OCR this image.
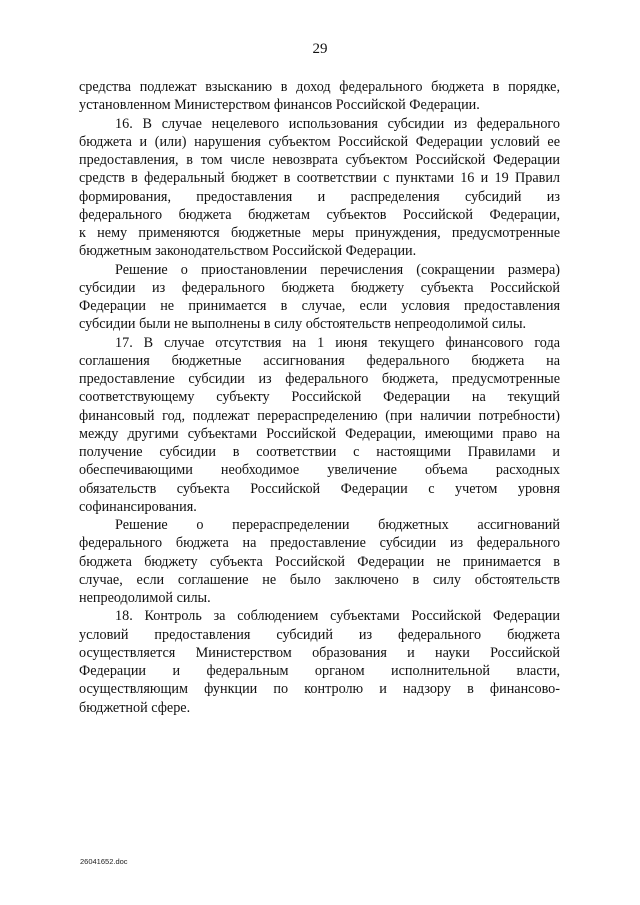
29
средства подлежат взысканию в доход федерального бюджета в порядке,
установленном Министерством финансов Российской Федерации.
16. В случае нецелевого использования субсидии из федерального
бюджета и (или) нарушения субъектом Российской Федерации условий ее
предоставления, в том числе невозврата субъектом Российской Федерации
средств в федеральный бюджет в соответствии с пунктами 16 и 19 Правил
формирования, предоставления и распределения субсидий из
федерального бюджета бюджетам субъектов Российской Федерации,
к нему применяются бюджетные меры принуждения, предусмотренные
бюджетным законодательством Российской Федерации.
Решение о приостановлении перечисления (сокращении размера)
субсидии из федерального бюджета бюджету субъекта Российской
Федерации не принимается в случае, если условия предоставления
субсидии были не выполнены в силу обстоятельств непреодолимой силы.
17. В случае отсутствия на 1 июня текущего финансового года
соглашения бюджетные ассигнования федерального бюджета на
предоставление субсидии из федерального бюджета, предусмотренные
соответствующему субъекту Российской Федерации на текущий
финансовый год, подлежат перераспределению (при наличии потребности)
между другими субъектами Российской Федерации, имеющими право на
получение субсидии в соответствии с настоящими Правилами и
обеспечивающими необходимое увеличение объема расходных
обязательств субъекта Российской Федерации с учетом уровня
софинансирования.
Решение о перераспределении бюджетных ассигнований
федерального бюджета на предоставление субсидии из федерального
бюджета бюджету субъекта Российской Федерации не принимается в
случае, если соглашение не было заключено в силу обстоятельств
непреодолимой силы.
18. Контроль за соблюдением субъектами Российской Федерации
условий предоставления субсидий из федерального бюджета
осуществляется Министерством образования и науки Российской
Федерации и федеральным органом исполнительной власти,
осуществляющим функции по контролю и надзору в финансово-
бюджетной сфере.
26041652.doc
